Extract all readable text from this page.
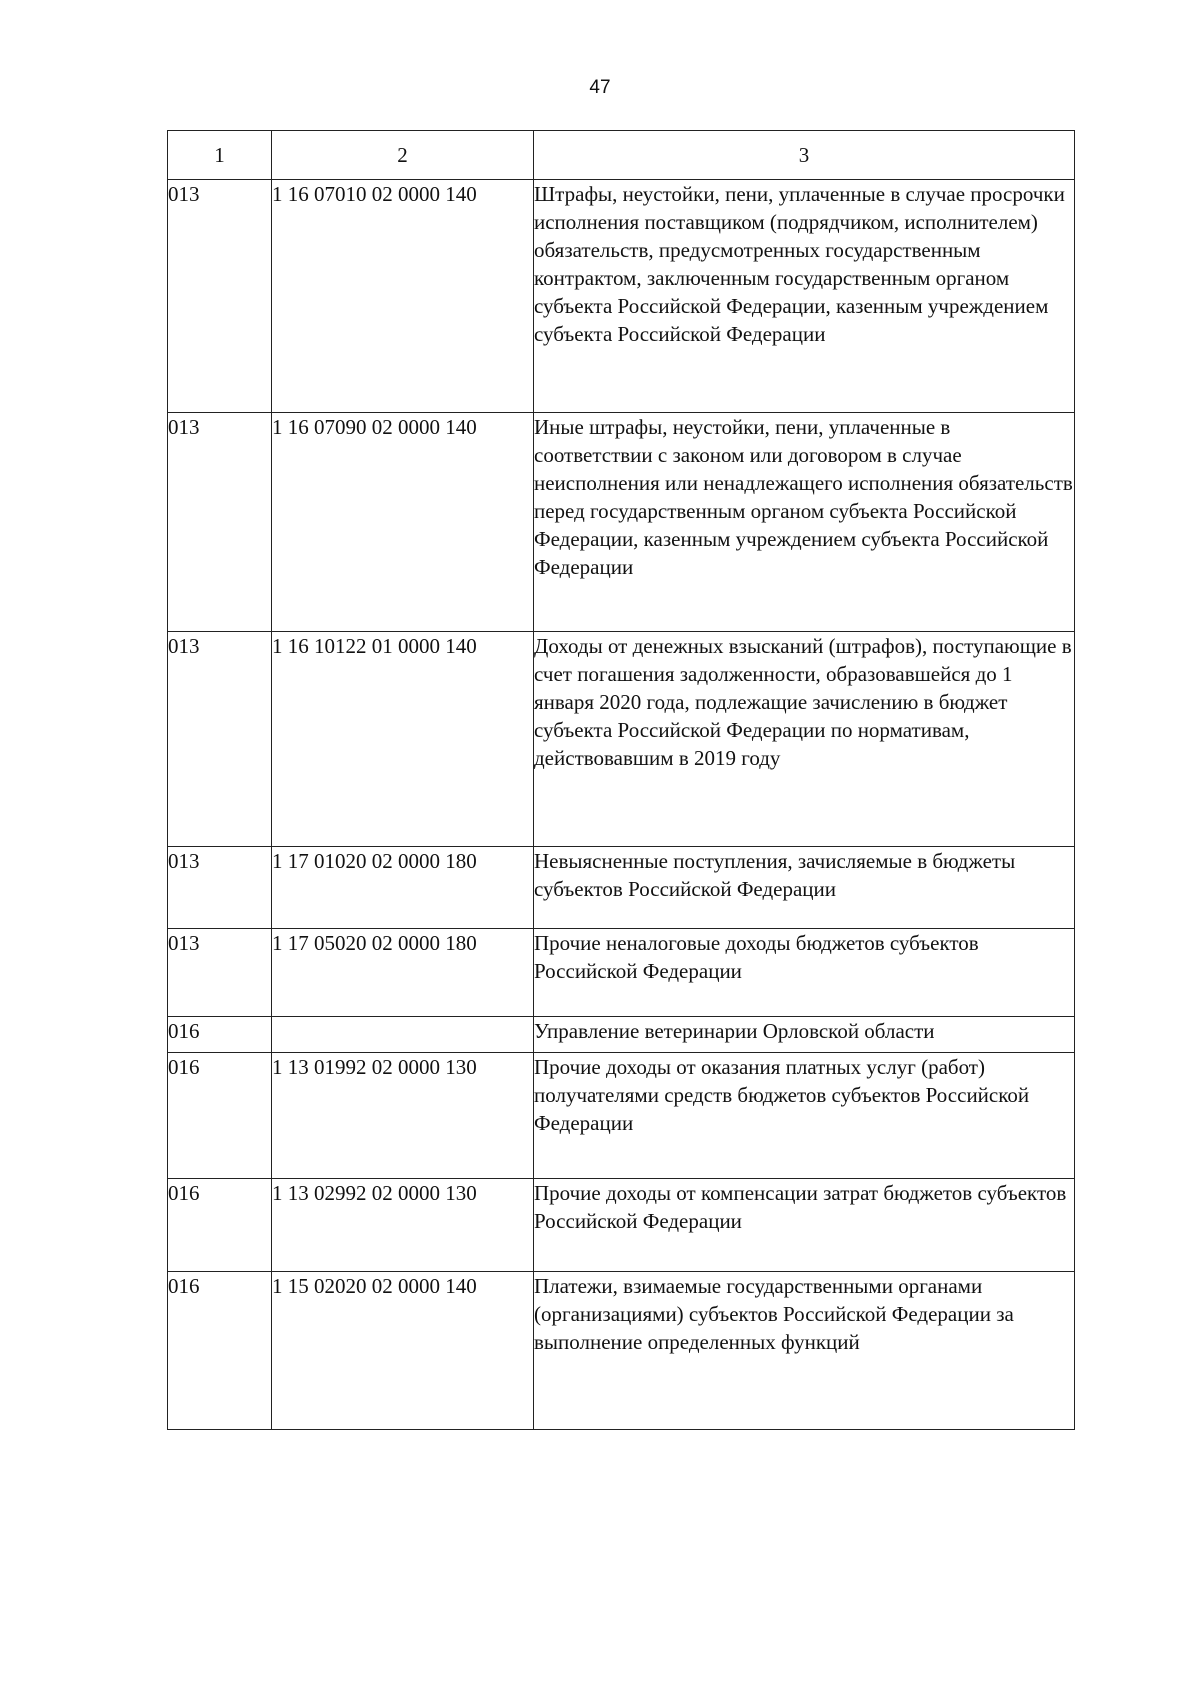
47
1	2	3
013	1 16 07010 02 0000 140	Штрафы, неустойки, пени, уплаченные в случае просрочки исполнения поставщиком (подрядчиком, исполнителем) обязательств, предусмотренных государственным контрактом, заключенным государственным органом субъекта Российской Федерации, казенным учреждением субъекта Российской Федерации
013	1 16 07090 02 0000 140	Иные штрафы, неустойки, пени, уплаченные в соответствии с законом или договором в случае неисполнения или ненадлежащего исполнения обязательств перед государственным органом субъекта Российской Федерации, казенным учреждением субъекта Российской Федерации
013	1 16 10122 01 0000 140	Доходы от денежных взысканий (штрафов), поступающие в счет погашения задолженности, образовавшейся до 1 января 2020 года, подлежащие зачислению в бюджет субъекта Российской Федерации по нормативам, действовавшим в 2019 году
013	1 17 01020 02 0000 180	Невыясненные поступления, зачисляемые в бюджеты субъектов Российской Федерации
013	1 17 05020 02 0000 180	Прочие неналоговые доходы бюджетов субъектов Российской Федерации
016		Управление ветеринарии Орловской области
016	1 13 01992 02 0000 130	Прочие доходы от оказания платных услуг (работ) получателями средств бюджетов субъектов Российской Федерации
016	1 13 02992 02 0000 130	Прочие доходы от компенсации затрат бюджетов субъектов Российской Федерации
016	1 15 02020 02 0000 140	Платежи, взимаемые государственными органами (организациями) субъектов Российской Федерации за выполнение определенных функций
